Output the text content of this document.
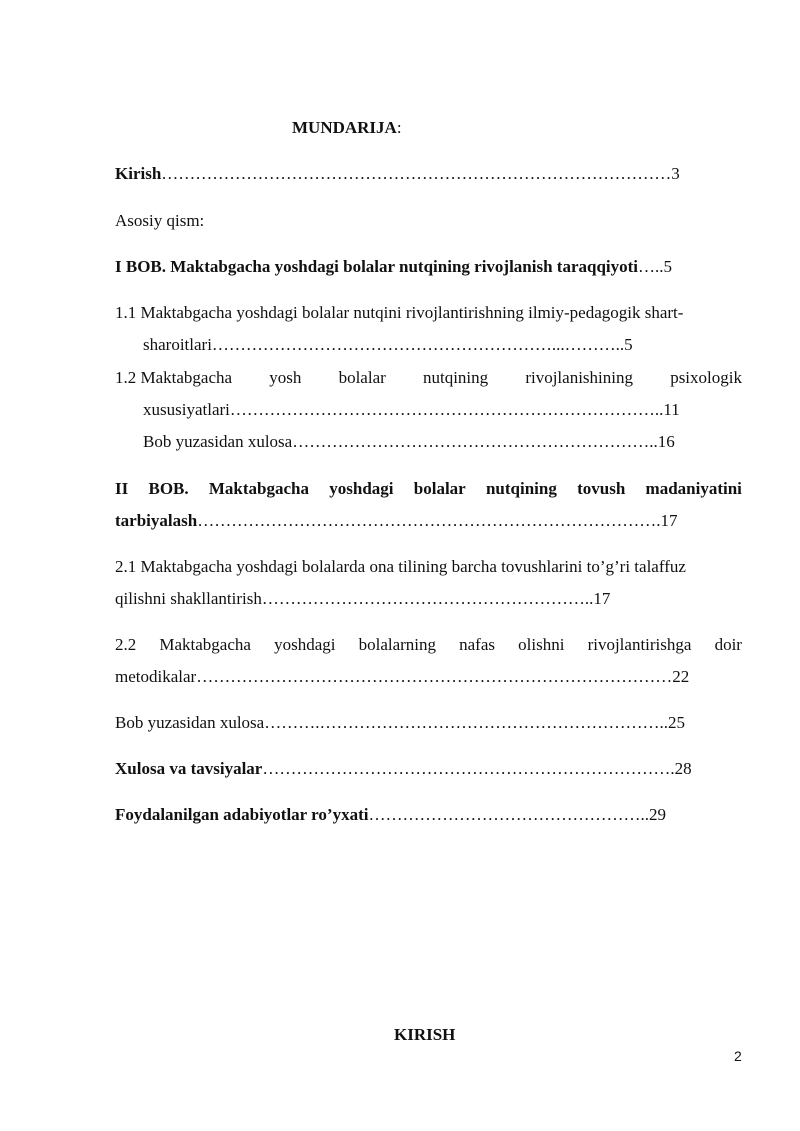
MUNDARIJA:
Kirish………………………………………………………………………………3
Asosiy qism:
I BOB. Maktabgacha yoshdagi bolalar nutqining rivojlanish taraqqiyoti…..5
1.1 Maktabgacha yoshdagi bolalar nutqini rivojlantirishning ilmiy-pedagogik shart-
sharoitlari……………………………………………………...………..5
1.2 Maktabgacha yosh bolalar nutqining rivojlanishining psixologik
xususiyatlari…………………………………………………………………..11
Bob yuzasidan xulosa………………………………………………………..16
II BOB. Maktabgacha yoshdagi bolalar nutqining tovush madaniyatini
tarbiyalash……………………………………………………………………….17
2.1 Maktabgacha yoshdagi bolalarda ona tilining barcha tovushlarini to’g’ri talaffuz
qilishni shakllantirish…………………………………………………..17
2.2 Maktabgacha yoshdagi bolalarning nafas olishni rivojlantirishga doir
metodikalar…………………………………………………………………………22
Bob yuzasidan xulosa……….……………………………………………………..25
Xulosa va tavsiyalar……………………………………………………………….28
Foydalanilgan adabiyotlar ro’yxati…………………………………………..29
KIRISH
2
